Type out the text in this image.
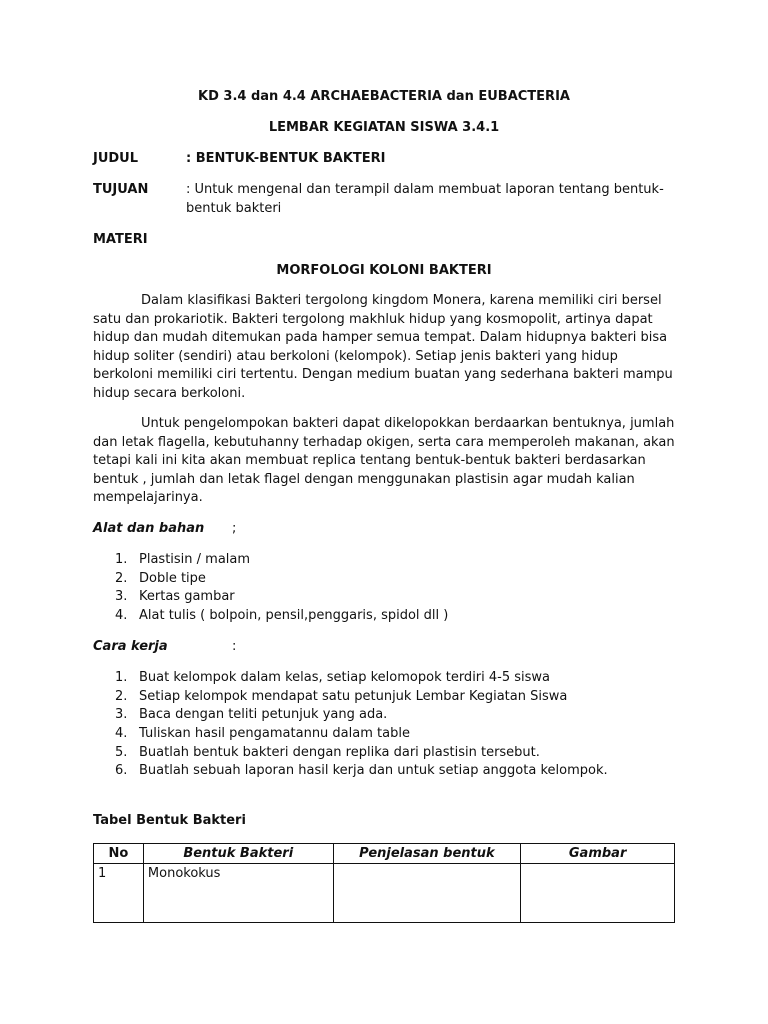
KD 3.4 dan 4.4 ARCHAEBACTERIA dan EUBACTERIA
LEMBAR KEGIATAN SISWA 3.4.1
JUDUL	: BENTUK-BENTUK BAKTERI
TUJUAN	: Untuk mengenal dan terampil dalam membuat laporan tentang bentuk-
bentuk bakteri
MATERI
MORFOLOGI KOLONI BAKTERI
Dalam klasifikasi Bakteri tergolong kingdom Monera, karena memiliki ciri bersel
satu dan prokariotik. Bakteri tergolong makhluk hidup yang kosmopolit, artinya dapat
hidup dan mudah ditemukan pada hamper semua tempat. Dalam hidupnya bakteri bisa
hidup soliter (sendiri) atau berkoloni (kelompok). Setiap jenis bakteri yang hidup
berkoloni memiliki ciri tertentu. Dengan medium buatan yang sederhana bakteri mampu
hidup secara berkoloni.
Untuk pengelompokan bakteri dapat dikelopokkan berdaarkan bentuknya, jumlah
dan letak flagella, kebutuhanny terhadap okigen, serta cara memperoleh makanan, akan
tetapi kali ini kita akan membuat replica tentang bentuk-bentuk bakteri berdasarkan
bentuk , jumlah dan letak flagel dengan menggunakan plastisin agar mudah kalian
mempelajarinya.
Alat dan bahan ;
1. Plastisin / malam
2. Doble tipe
3. Kertas gambar
4. Alat tulis ( bolpoin, pensil,penggaris, spidol dll )
Cara kerja	:
1. Buat kelompok dalam kelas, setiap kelomopok terdiri 4-5 siswa
2. Setiap kelompok mendapat satu petunjuk Lembar Kegiatan Siswa
3. Baca dengan teliti petunjuk yang ada.
4. Tuliskan hasil pengamatannu dalam table
5. Buatlah bentuk bakteri dengan replika dari plastisin tersebut.
6. Buatlah sebuah laporan hasil kerja dan untuk setiap anggota kelompok.
Tabel Bentuk Bakteri
No	Bentuk Bakteri	Penjelasan bentuk	Gambar
1	Monokokus		
